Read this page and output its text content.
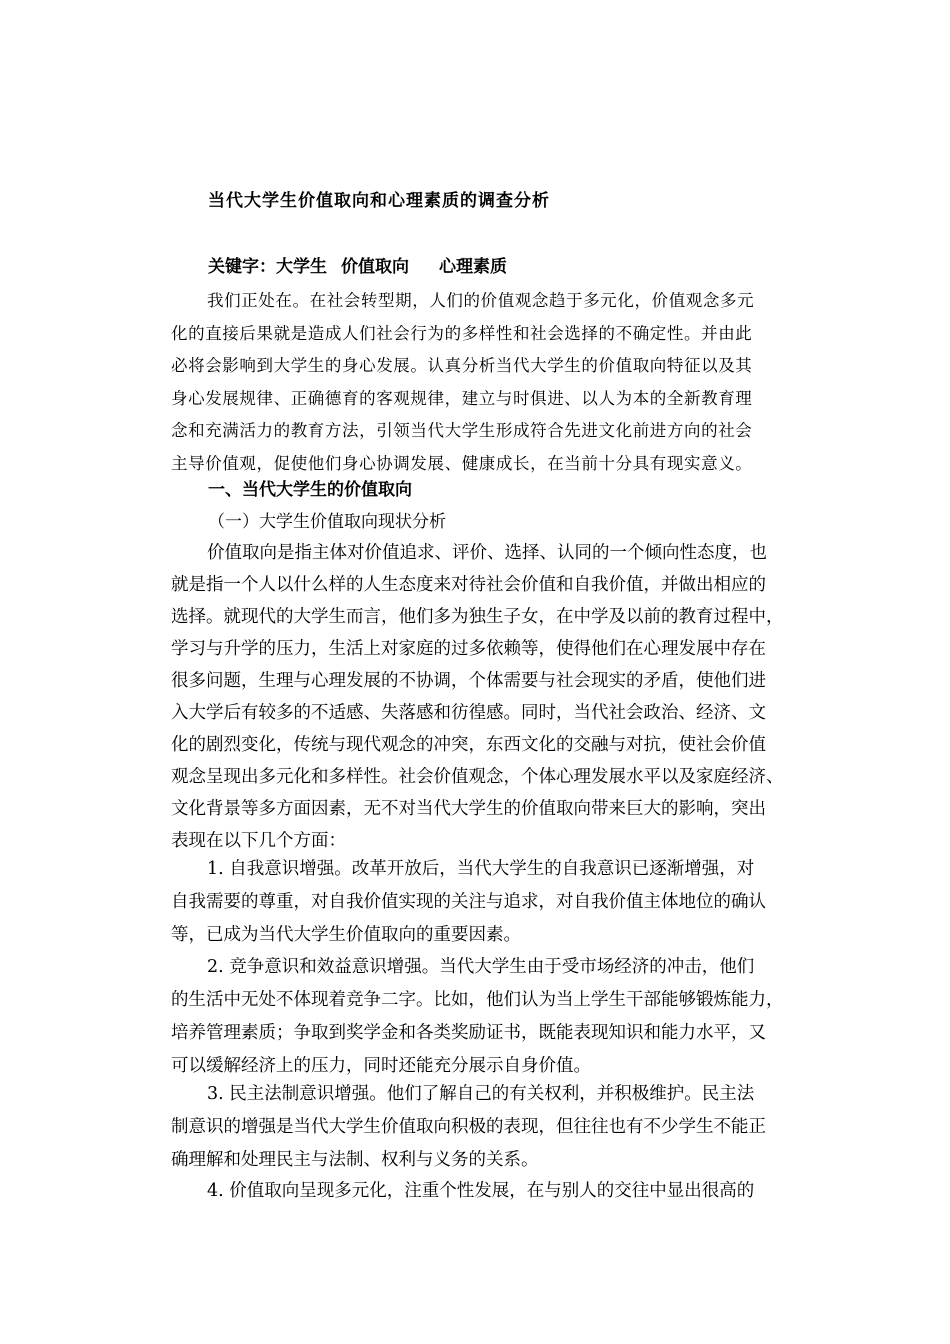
当代大学生价值取向和心理素质的调查分析
关键字：大学生 价值取向 心理素质
我们正处在。在社会转型期，人们的价值观念趋于多元化，价值观念多元
化的直接后果就是造成人们社会行为的多样性和社会选择的不确定性。并由此
必将会影响到大学生的身心发展。认真分析当代大学生的价值取向特征以及其
身心发展规律、正确德育的客观规律，建立与时俱进、以人为本的全新教育理
念和充满活力的教育方法，引领当代大学生形成符合先进文化前进方向的社会
主导价值观，促使他们身心协调发展、健康成长，在当前十分具有现实意义。
一、当代大学生的价值取向
（一）大学生价值取向现状分析
价值取向是指主体对价值追求、评价、选择、认同的一个倾向性态度，也
就是指一个人以什么样的人生态度来对待社会价值和自我价值，并做出相应的
选择。就现代的大学生而言，他们多为独生子女，在中学及以前的教育过程中，
学习与升学的压力，生活上对家庭的过多依赖等，使得他们在心理发展中存在
很多问题，生理与心理发展的不协调，个体需要与社会现实的矛盾，使他们进
入大学后有较多的不适感、失落感和彷徨感。同时，当代社会政治、经济、文
化的剧烈变化，传统与现代观念的冲突，东西文化的交融与对抗，使社会价值
观念呈现出多元化和多样性。社会价值观念，个体心理发展水平以及家庭经济、
文化背景等多方面因素，无不对当代大学生的价值取向带来巨大的影响，突出
表现在以下几个方面：
1. 自我意识增强。改革开放后，当代大学生的自我意识已逐渐增强，对
自我需要的尊重，对自我价值实现的关注与追求，对自我价值主体地位的确认
等，已成为当代大学生价值取向的重要因素。
2. 竞争意识和效益意识增强。当代大学生由于受市场经济的冲击，他们
的生活中无处不体现着竞争二字。比如，他们认为当上学生干部能够锻炼能力，
培养管理素质；争取到奖学金和各类奖励证书，既能表现知识和能力水平，又
可以缓解经济上的压力，同时还能充分展示自身价值。
3. 民主法制意识增强。他们了解自己的有关权利，并积极维护。民主法
制意识的增强是当代大学生价值取向积极的表现，但往往也有不少学生不能正
确理解和处理民主与法制、权利与义务的关系。
4. 价值取向呈现多元化，注重个性发展，在与别人的交往中显出很高的
